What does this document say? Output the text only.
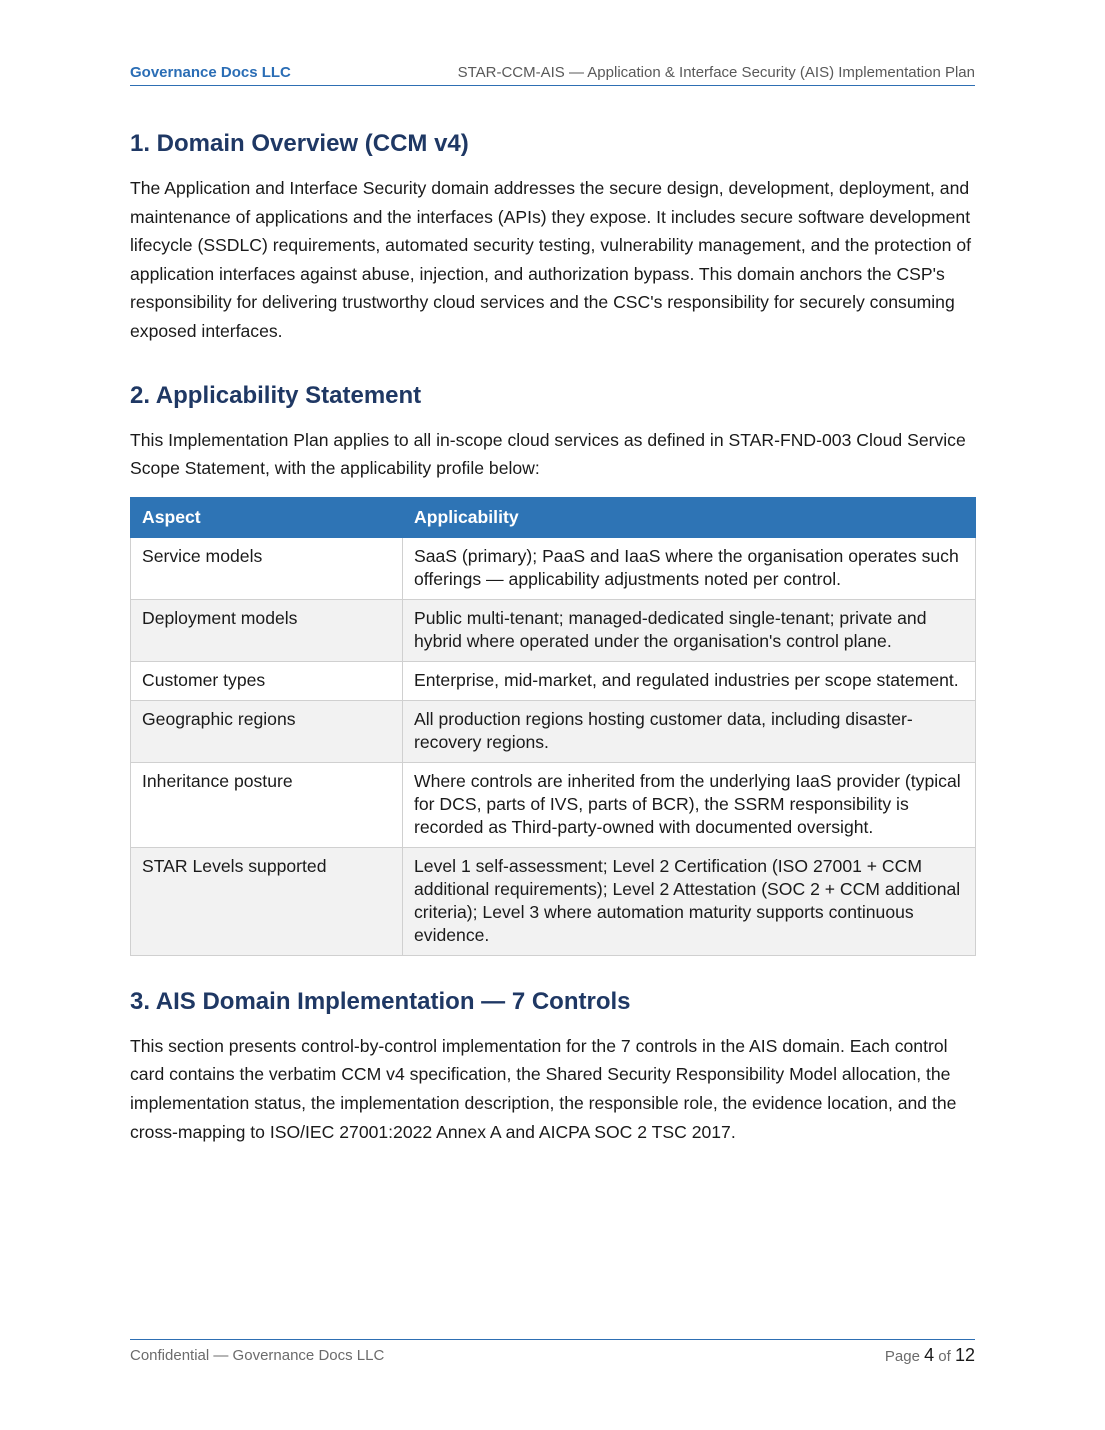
Governance Docs LLC	STAR-CCM-AIS — Application & Interface Security (AIS) Implementation Plan
1. Domain Overview (CCM v4)

The Application and Interface Security domain addresses the secure design, development, deployment, and maintenance of applications and the interfaces (APIs) they expose. It includes secure software development lifecycle (SSDLC) requirements, automated security testing, vulnerability management, and the protection of application interfaces against abuse, injection, and authorization bypass. This domain anchors the CSP's responsibility for delivering trustworthy cloud services and the CSC's responsibility for securely consuming exposed interfaces.

2. Applicability Statement

This Implementation Plan applies to all in-scope cloud services as defined in STAR-FND-003 Cloud Service Scope Statement, with the applicability profile below:

Aspect	Applicability
Service models	SaaS (primary); PaaS and IaaS where the organisation operates such offerings — applicability adjustments noted per control.
Deployment models	Public multi-tenant; managed-dedicated single-tenant; private and hybrid where operated under the organisation's control plane.
Customer types	Enterprise, mid-market, and regulated industries per scope statement.
Geographic regions	All production regions hosting customer data, including disaster-recovery regions.
Inheritance posture	Where controls are inherited from the underlying IaaS provider (typical for DCS, parts of IVS, parts of BCR), the SSRM responsibility is recorded as Third-party-owned with documented oversight.
STAR Levels supported	Level 1 self-assessment; Level 2 Certification (ISO 27001 + CCM additional requirements); Level 2 Attestation (SOC 2 + CCM additional criteria); Level 3 where automation maturity supports continuous evidence.
3. AIS Domain Implementation — 7 Controls

This section presents control-by-control implementation for the 7 controls in the AIS domain. Each control card contains the verbatim CCM v4 specification, the Shared Security Responsibility Model allocation, the implementation status, the implementation description, the responsible role, the evidence location, and the cross-mapping to ISO/IEC 27001:2022 Annex A and AICPA SOC 2 TSC 2017.

Confidential — Governance Docs LLC	Page 4 of 12
